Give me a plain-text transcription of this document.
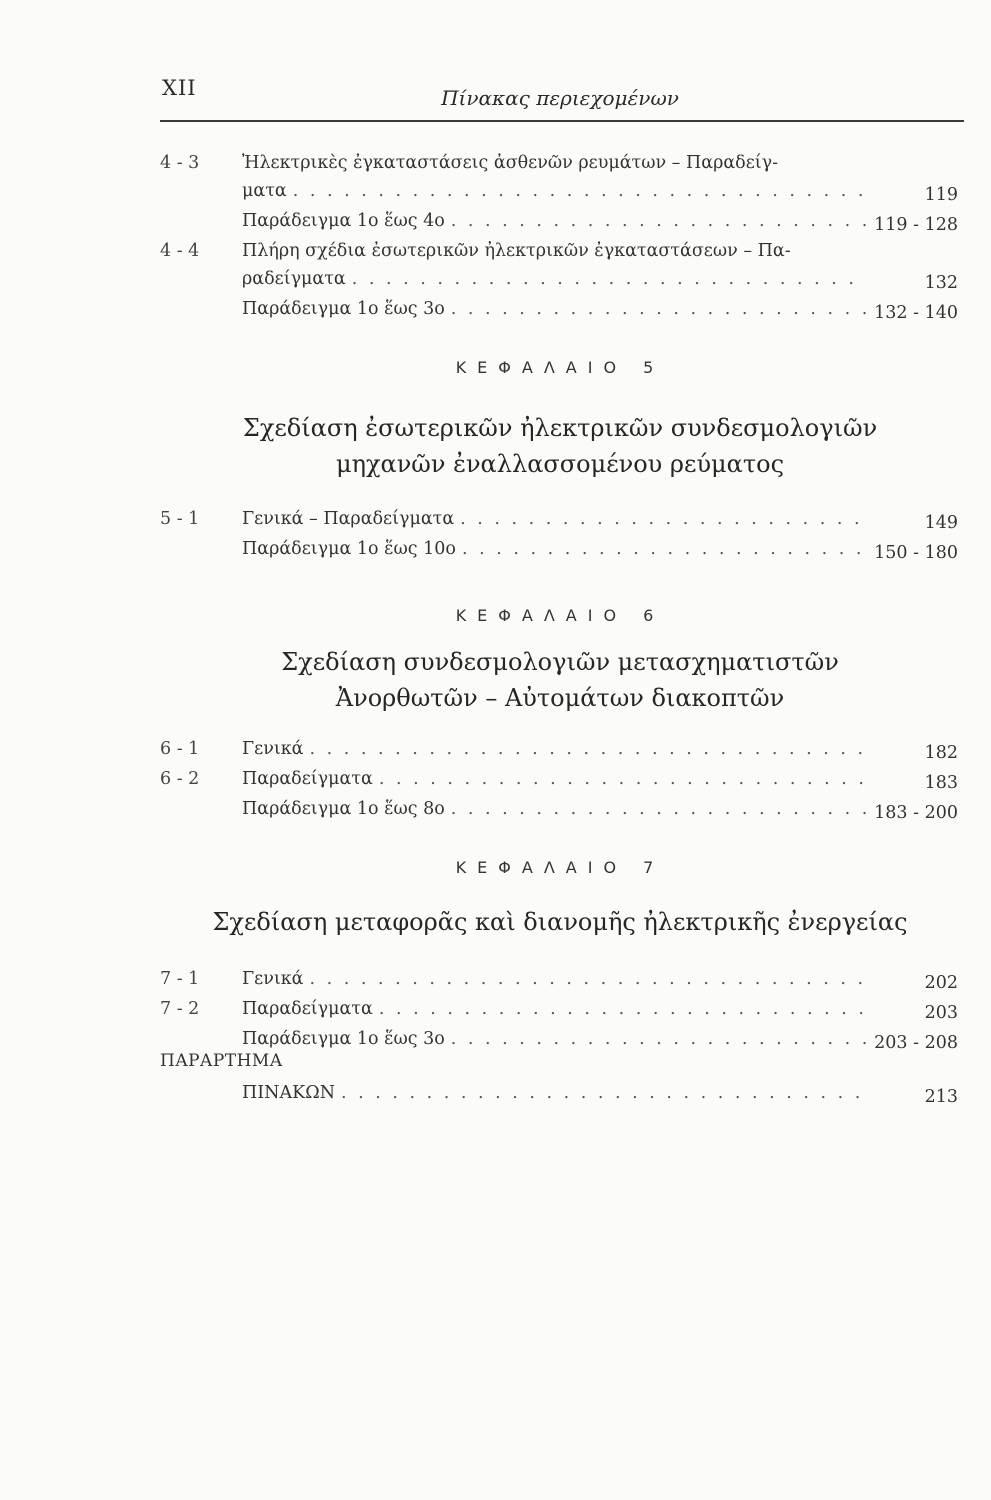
XII	Πίνακας περιεχομένων
4 - 3	Ἠλεκτρικὲς ἐγκαταστάσεις ἀσθενῶν ρευμάτων – Παραδείγ-
ματα . . .	119
Παράδειγμα 1ο ἕως 4ο . . .	119 - 128
4 - 4	Πλήρη σχέδια ἐσωτερικῶν ἠλεκτρικῶν ἐγκαταστάσεων – Πα-
ραδείγματα . . .	132
Παράδειγμα 1ο ἕως 3ο . . .	132 - 140
ΚΕΦΑΛΑΙΟ 5
Σχεδίαση ἐσωτερικῶν ἠλεκτρικῶν συνδεσμολογιῶν
μηχανῶν ἐναλλασσομένου ρεύματος
5 - 1	Γενικά – Παραδείγματα . . .	149
Παράδειγμα 1ο ἕως 10ο . . .	150 - 180
ΚΕΦΑΛΑΙΟ 6
Σχεδίαση συνδεσμολογιῶν μετασχηματιστῶν
Ἀνορθωτῶν – Αὐτομάτων διακοπτῶν
6 - 1	Γενικά . . .	182
6 - 2	Παραδείγματα . . .	183
Παράδειγμα 1ο ἕως 8ο . . .	183 - 200
ΚΕΦΑΛΑΙΟ 7
Σχεδίαση μεταφορᾶς καὶ διανομῆς ἠλεκτρικῆς ἐνεργείας
7 - 1	Γενικά . . .	202
7 - 2	Παραδείγματα . . .	203
Παράδειγμα 1ο ἕως 3ο . . .	203 - 208
ΠΑΡΑΡΤΗΜΑ
ΠΙΝΑΚΩΝ . . .	213
